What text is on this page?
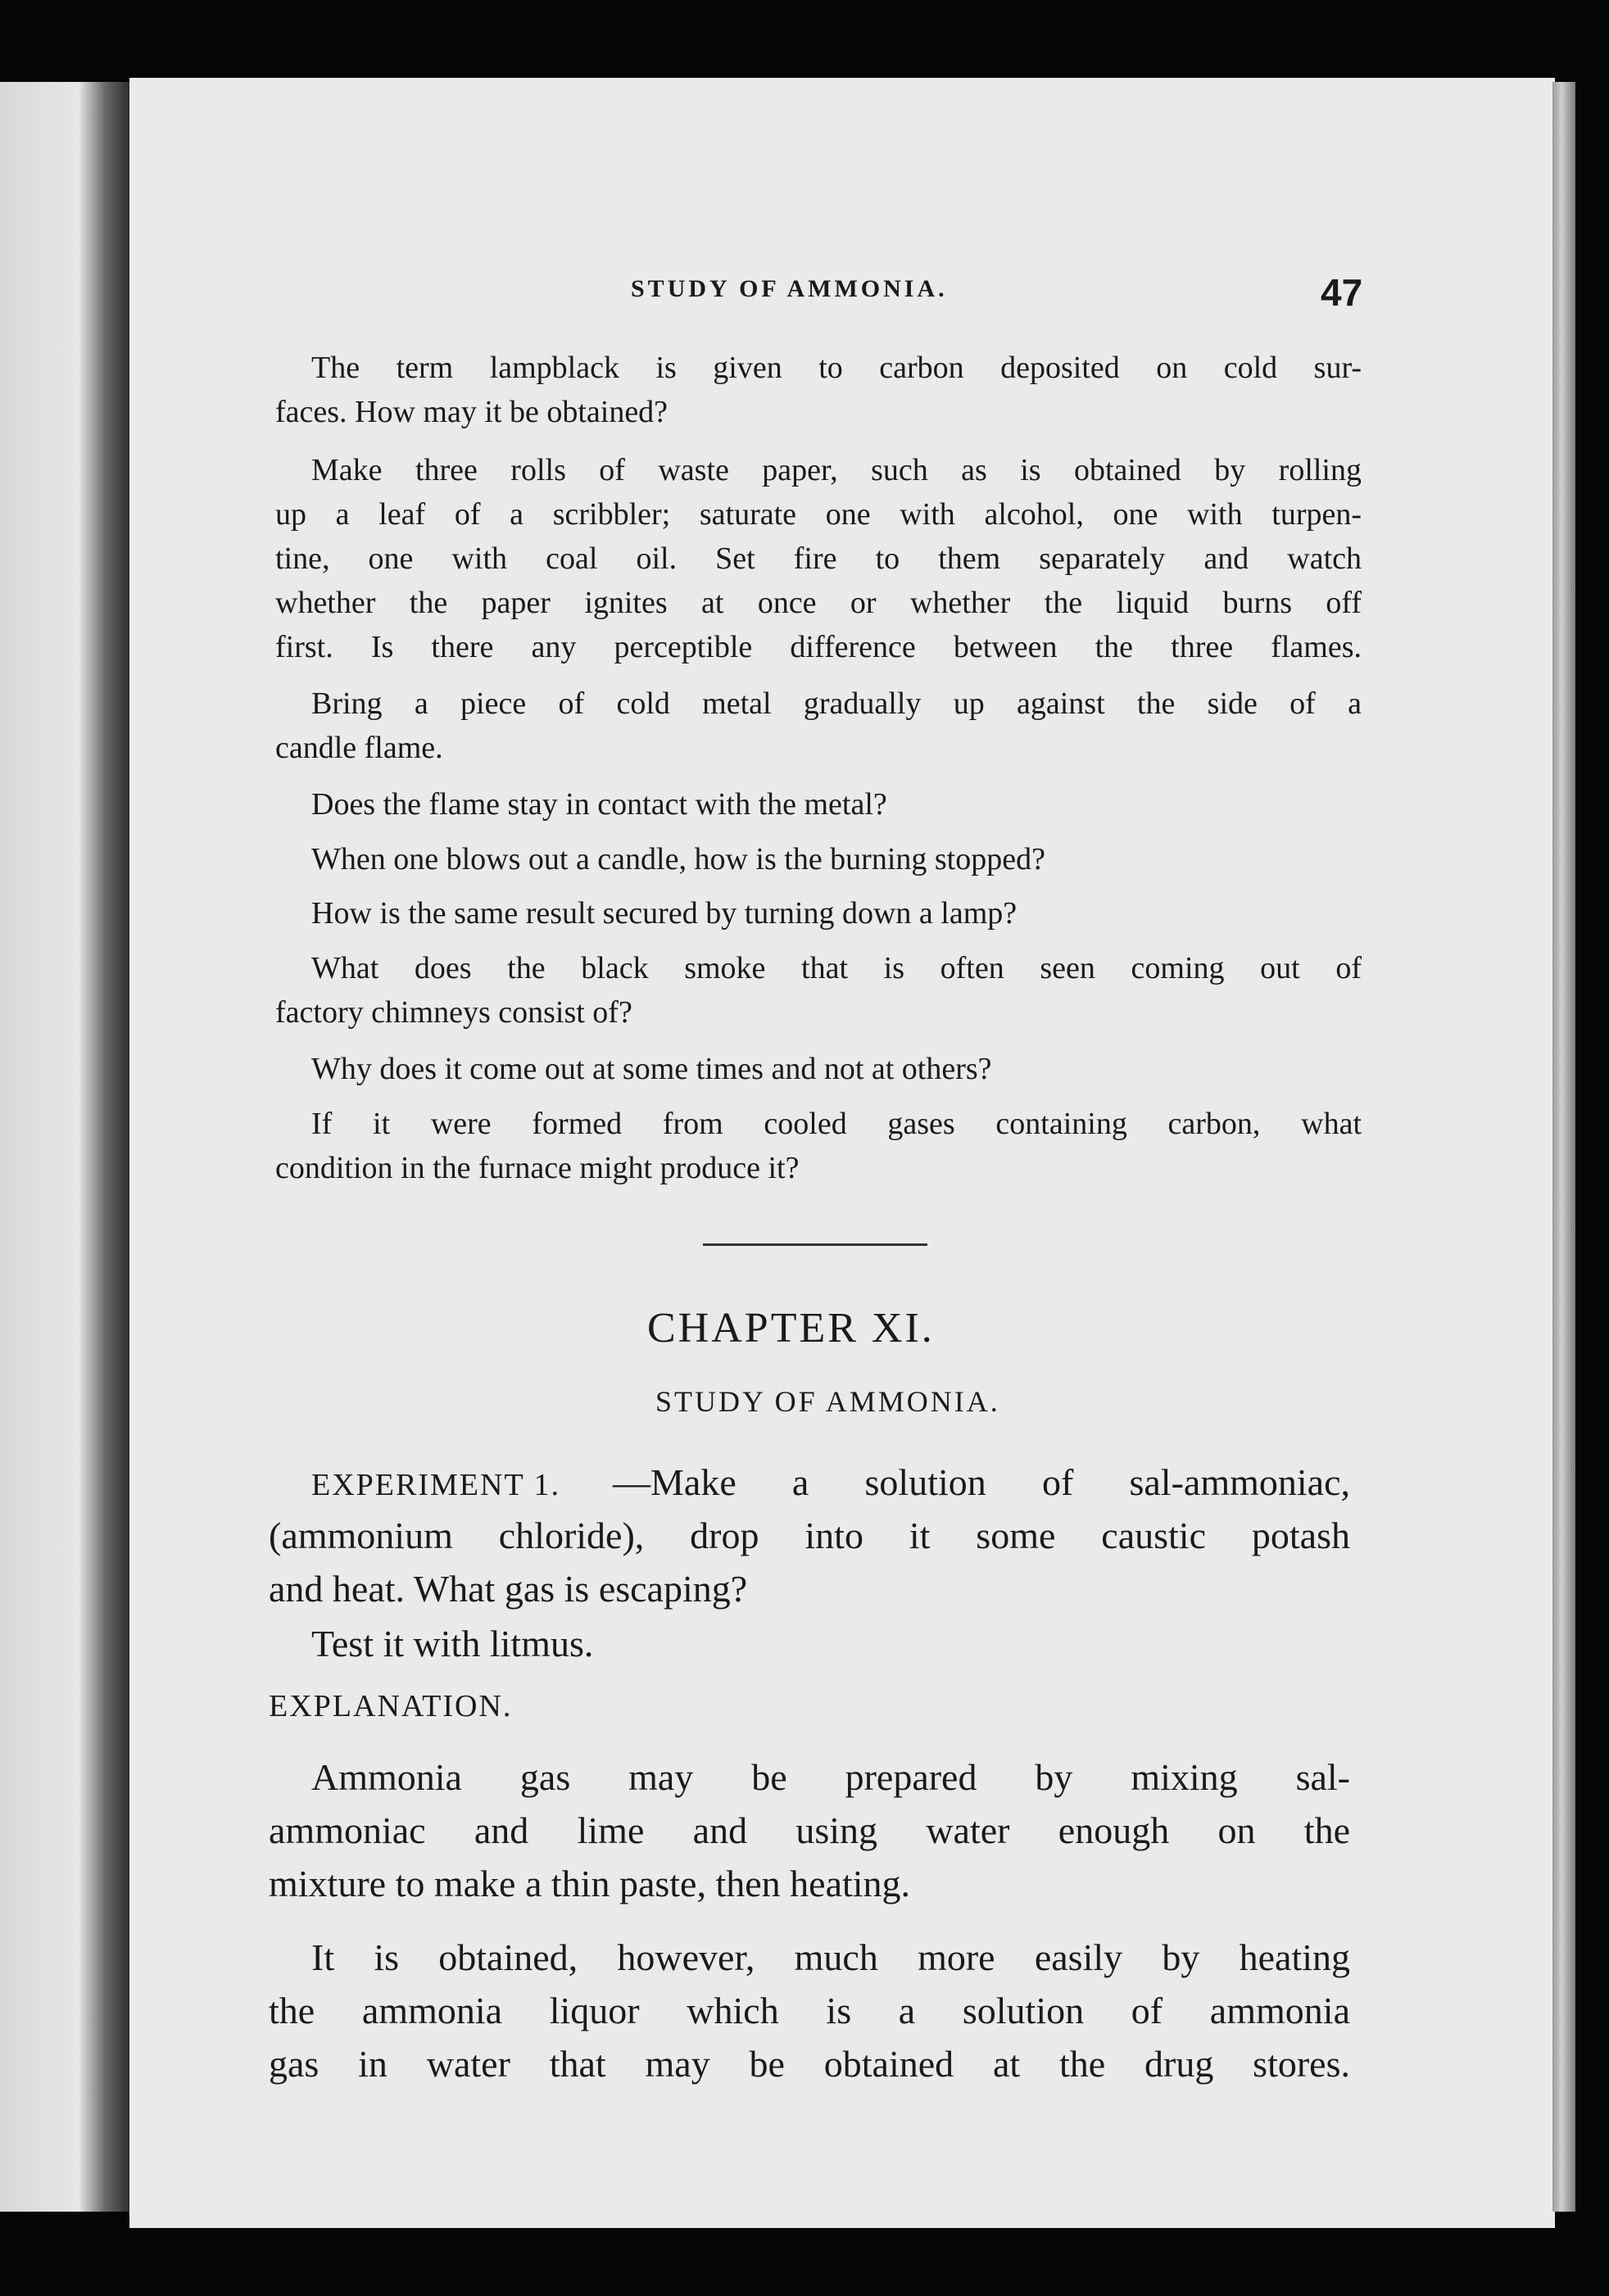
STUDY OF AMMONIA.	47
The term lampblack is given to carbon deposited on cold sur-
faces. How may it be obtained?
Make three rolls of waste paper, such as is obtained by rolling
up a leaf of a scribbler; saturate one with alcohol, one with turpen-
tine, one with coal oil. Set fire to them separately and watch
whether the paper ignites at once or whether the liquid burns off
first. Is there any perceptible difference between the three flames.
Bring a piece of cold metal gradually up against the side of a
candle flame.
Does the flame stay in contact with the metal?
When one blows out a candle, how is the burning stopped?
How is the same result secured by turning down a lamp?
What does the black smoke that is often seen coming out of
factory chimneys consist of?
Why does it come out at some times and not at others?
If it were formed from cooled gases containing carbon, what
condition in the furnace might produce it?
CHAPTER XI.
STUDY OF AMMONIA.
EXPERIMENT 1. —Make a solution of sal-ammoniac,
(ammonium chloride), drop into it some caustic potash
and heat. What gas is escaping?
Test it with litmus.
EXPLANATION.
Ammonia gas may be prepared by mixing sal-
ammoniac and lime and using water enough on the
mixture to make a thin paste, then heating.
It is obtained, however, much more easily by heating
the ammonia liquor which is a solution of ammonia
gas in water that may be obtained at the drug stores.
